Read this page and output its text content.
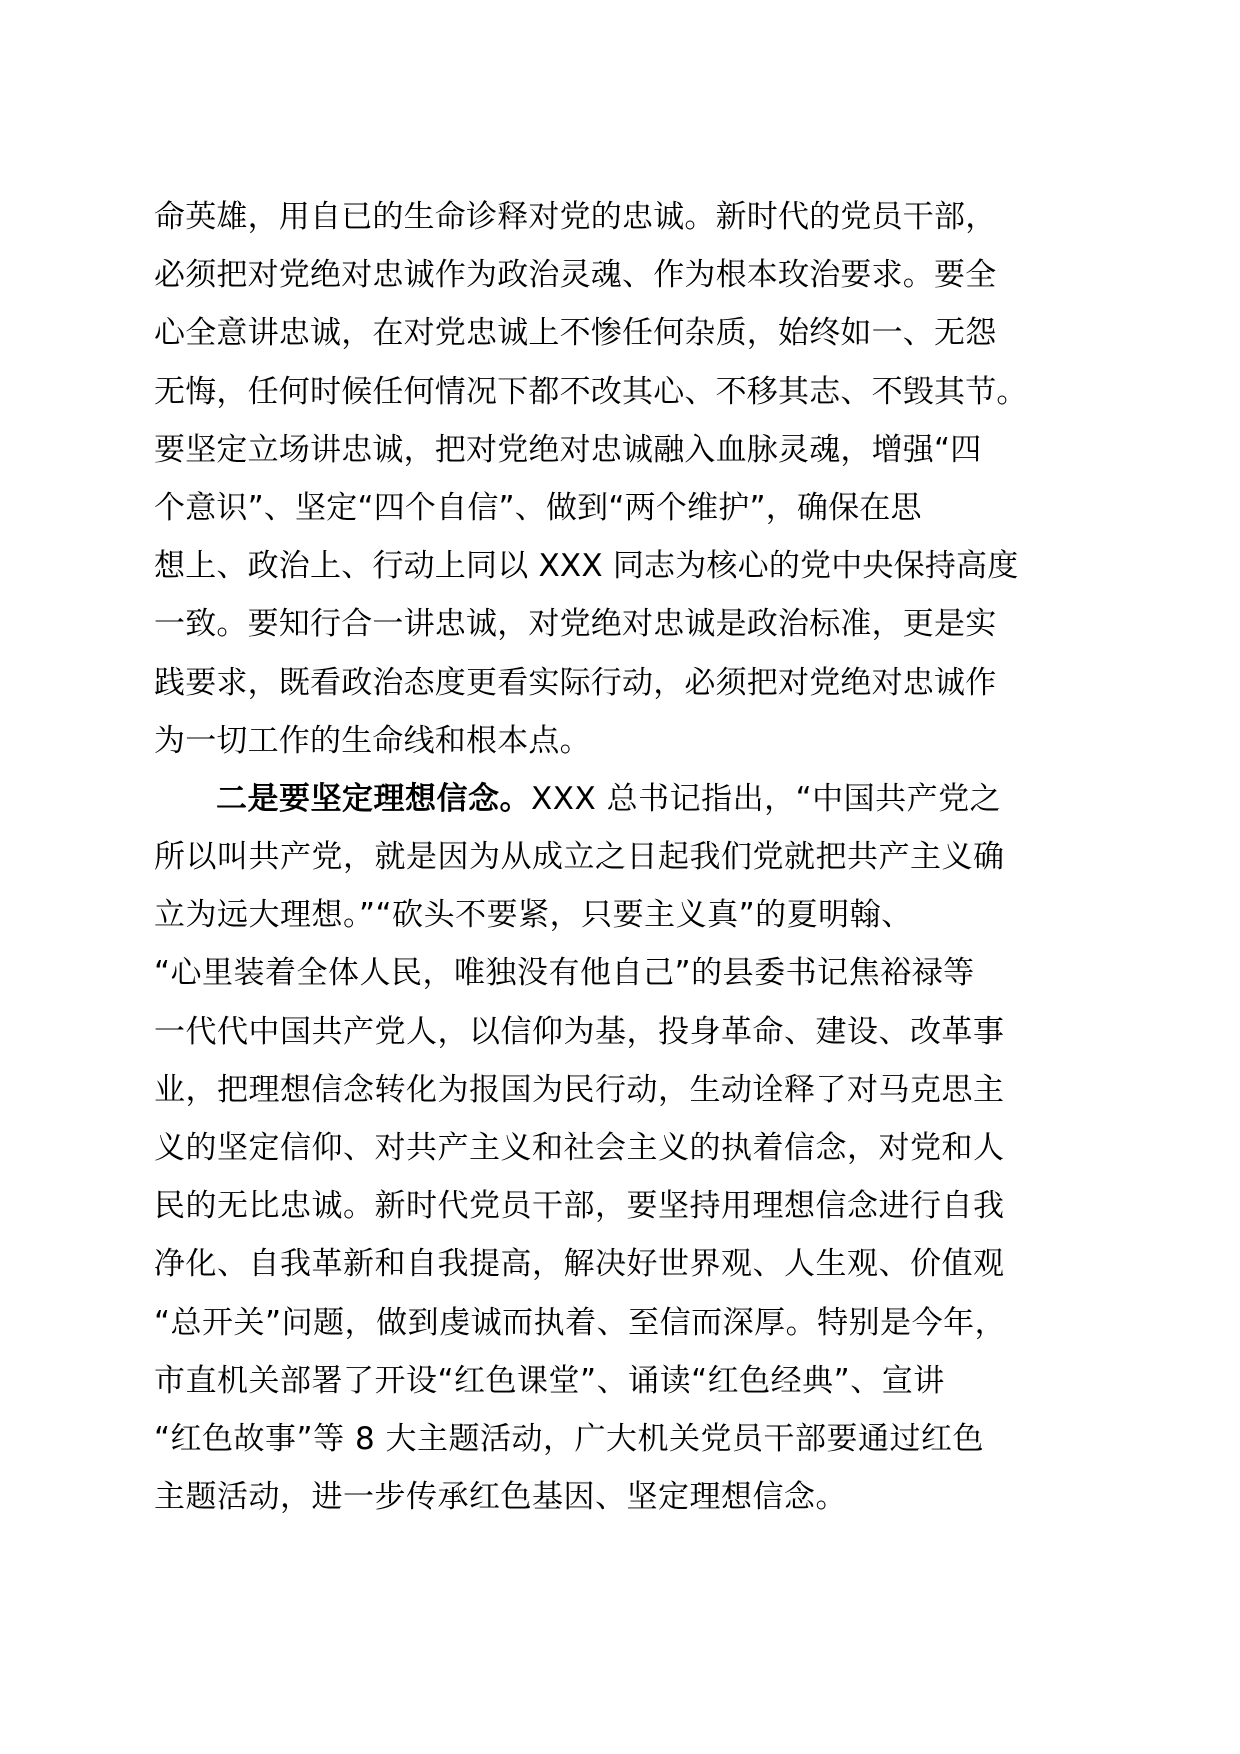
命英雄，用自已的生命诊释对党的忠诚。新时代的党员干部，
必须把对党绝对忠诚作为政治灵魂、作为根本玫治要求。要全
心全意讲忠诚，在对党忠诚上不惨任何杂质，始终如一、无怨
无悔，任何时候任何情况下都不改其心、不移其志、不毁其节。
要坚定立场讲忠诚，把对党绝对忠诚融入血脉灵魂，增强“四
个意识”、坚定“四个自信”、做到“两个维护”，确保在思
想上、政治上、行动上同以 XXX 同志为核心的党中央保持高度
一致。要知行合一讲忠诚，对党绝对忠诚是政治标准，更是实
践要求，既看政治态度更看实际行动，必须把对党绝对忠诚作
为一切工作的生命线和根本点。
二是要坚定理想信念。XXX 总书记指出，“中国共产党之
所以叫共产党，就是因为从成立之日起我们党就把共产主义确
立为远大理想。”“砍头不要紧，只要主义真”的夏明翰、
“心里装着全体人民，唯独没有他自己”的县委书记焦裕禄等
一代代中国共产党人，以信仰为基，投身革命、建设、改革事
业，把理想信念转化为报国为民行动，生动诠释了对马克思主
义的坚定信仰、对共产主义和社会主义的执着信念，对党和人
民的无比忠诚。新时代党员干部，要坚持用理想信念进行自我
净化、自我革新和自我提高，解决好世界观、人生观、价值观
“总开关”问题，做到虔诚而执着、至信而深厚。特别是今年，
市直机关部署了开设“红色课堂”、诵读“红色经典”、宣讲
“红色故事”等 8 大主题活动，广大机关党员干部要通过红色
主题活动，进一步传承红色基因、坚定理想信念。
